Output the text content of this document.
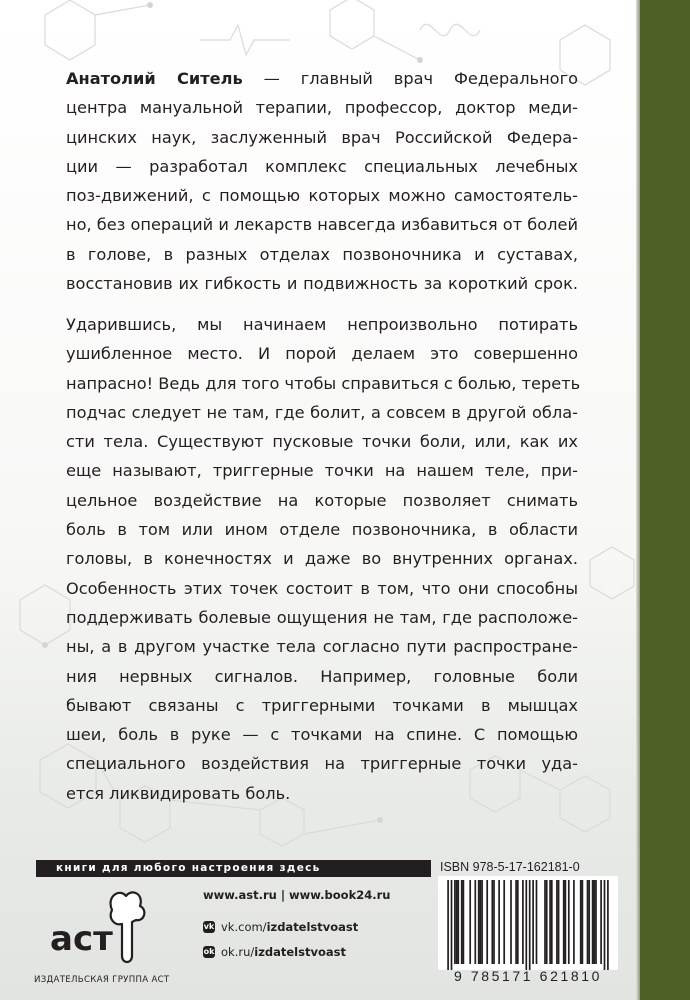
Анатолий Ситель — главный врач Федерального
центра мануальной терапии, профессор, доктор меди-
цинских наук, заслуженный врач Российской Федера-
ции — разработал комплекс специальных лечебных
поз-движений, с помощью которых можно самостоятель-
но, без операций и лекарств навсегда избавиться от болей
в голове, в разных отделах позвоночника и суставах,
восстановив их гибкость и подвижность за короткий срок.
Ударившись, мы начинаем непроизвольно потирать
ушибленное место. И порой делаем это совершенно
напрасно! Ведь для того чтобы справиться с болью, тереть
подчас следует не там, где болит, а совсем в другой обла-
сти тела. Существуют пусковые точки боли, или, как их
еще называют, триггерные точки на нашем теле, при-
цельное воздействие на которые позволяет снимать
боль в том или ином отделе позвоночника, в области
головы, в конечностях и даже во внутренних органах.
Особенность этих точек состоит в том, что они способны
поддерживать болевые ощущения не там, где расположе-
ны, а в другом участке тела согласно пути распростране-
ния нервных сигналов. Например, головные боли
бывают связаны с триггерными точками в мышцах
шеи, боль в руке — с точками на спине. С помощью
специального воздействия на триггерные точки уда-
ется ликвидировать боль.
книги для любого настроения здесь
аст
ИЗДАТЕЛЬСКАЯ ГРУППА АСТ
www.ast.ru | www.book24.ru
vk vk.com/ izdatelstvoast
ok ok.ru/ izdatelstvoast
ISBN 978-5-17-162181-0
9 785171 621810
